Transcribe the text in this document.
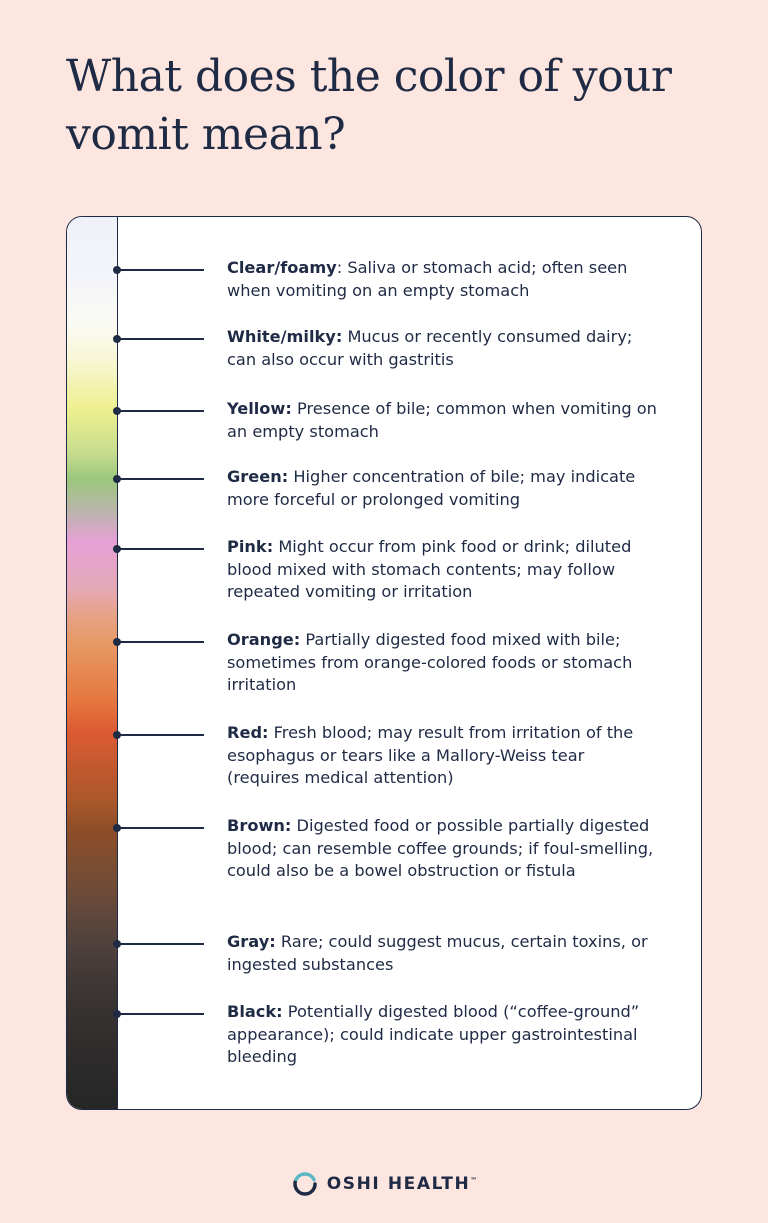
What does the color of your vomit mean?
Clear/foamy: Saliva or stomach acid; often seen when vomiting on an empty stomach
White/milky: Mucus or recently consumed dairy; can also occur with gastritis
Yellow: Presence of bile; common when vomiting on an empty stomach
Green: Higher concentration of bile; may indicate more forceful or prolonged vomiting
Pink: Might occur from pink food or drink; diluted blood mixed with stomach contents; may follow repeated vomiting or irritation
Orange: Partially digested food mixed with bile; sometimes from orange-colored foods or stomach irritation
Red: Fresh blood; may result from irritation of the esophagus or tears like a Mallory-Weiss tear (requires medical attention)
Brown: Digested food or possible partially digested blood; can resemble coffee grounds; if foul-smelling, could also be a bowel obstruction or fistula
Gray: Rare; could suggest mucus, certain toxins, or ingested substances
Black: Potentially digested blood (“coffee-ground” appearance); could indicate upper gastrointestinal bleeding
OSHI HEALTH™
